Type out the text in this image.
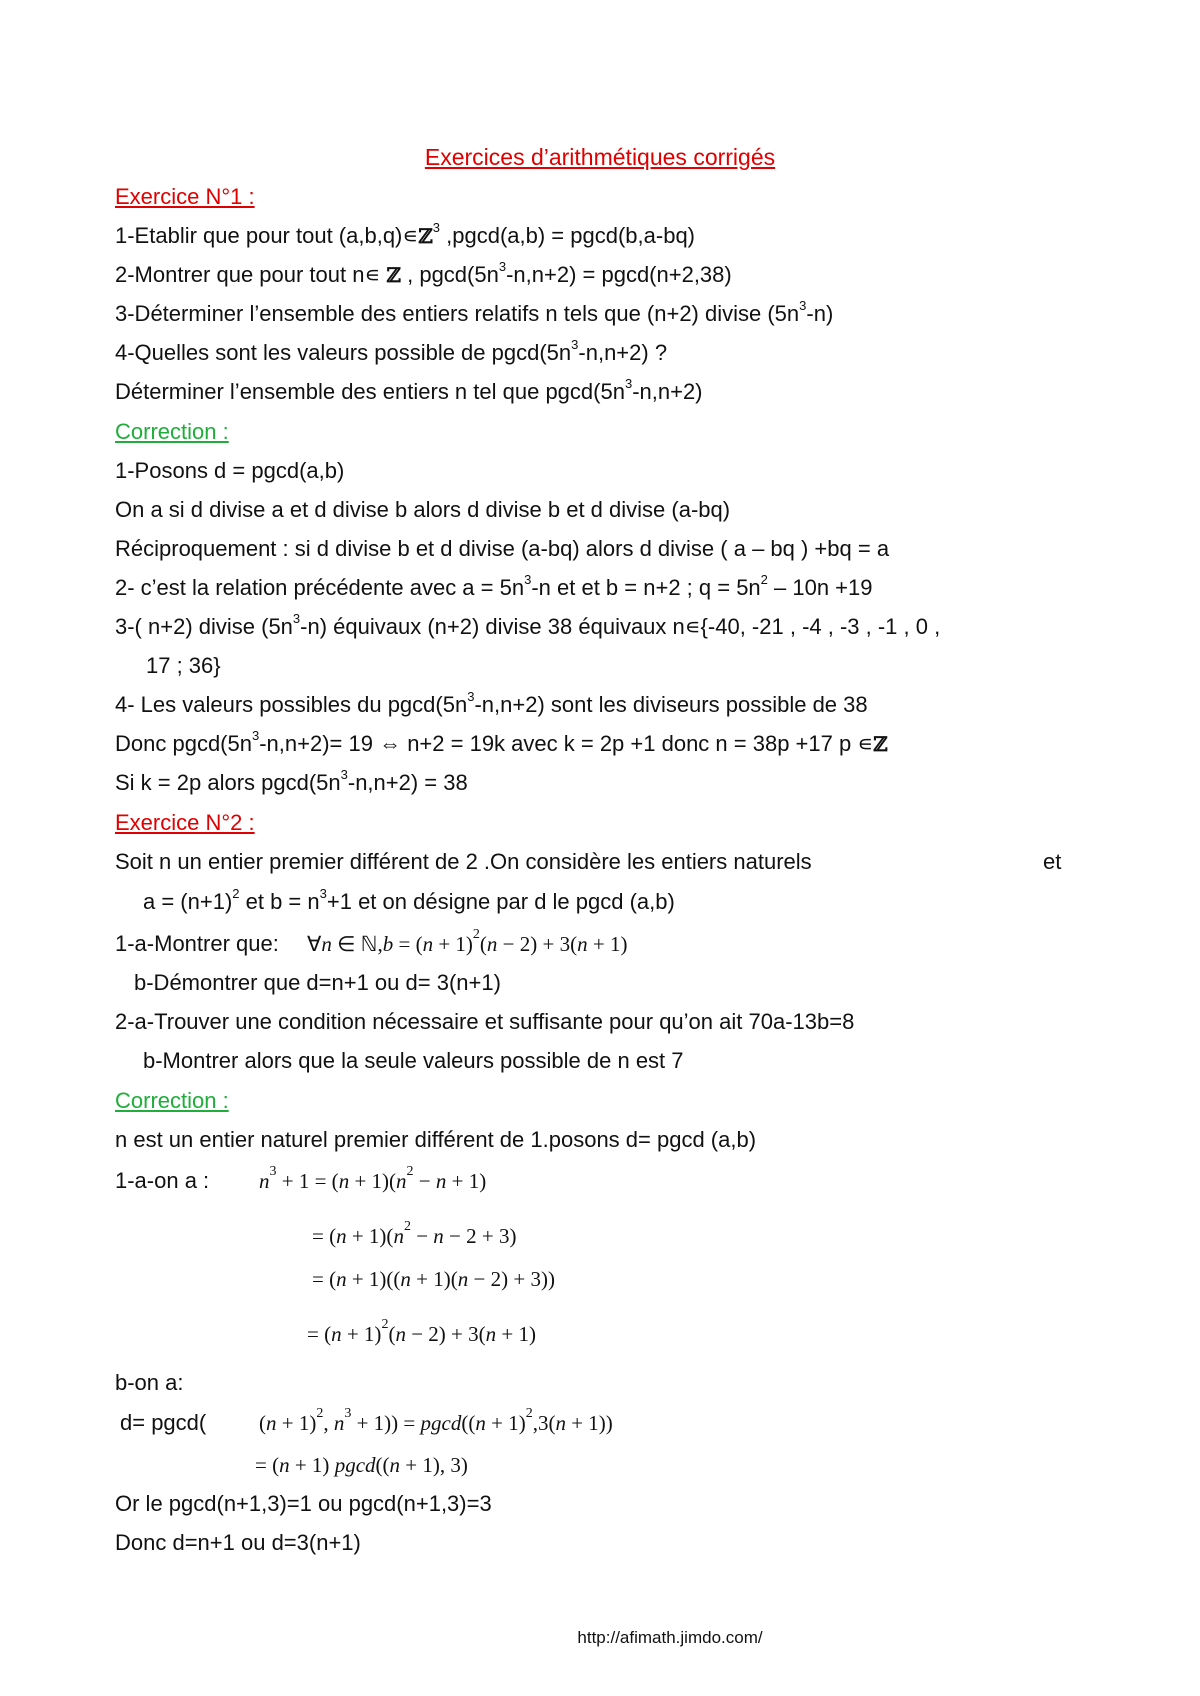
Exercices d’arithmétiques corrigés
Exercice N°1 :
1-Etablir que pour tout (a,b,q)∊ℤ$^3$ ,pgcd(a,b) = pgcd(b,a-bq)
2-Montrer que pour tout n∊ ℤ , $pgcd(5n^3-n,n+2) = pgcd(n+2,38)$
3-Déterminer l’ensemble des entiers relatifs n tels que (n+2) divise $(5n^3-n)$
4-Quelles sont les valeurs possible de $pgcd(5n^3-n,n+2)$ ?
Déterminer l’ensemble des entiers n tel que $pgcd(5n^3-n,n+2)$
Correction :
1-Posons d = pgcd(a,b)
On a si d divise a et d divise b alors d divise b et d divise (a-bq)
Réciproquement : si d divise b et d divise (a-bq) alors d divise ( a – bq ) +bq = a
2- c’est la relation précédente avec $a = 5n^3-n$ et et b = n+2 ; $q = 5n^2 - 10n +19$
3-( n+2) divise $(5n^3-n)$ équivaux (n+2) divise 38 équivaux n∊{-40, -21 , -4 , -3 , -1 , 0 ,
17 ; 36}
4- Les valeurs possibles du $pgcd(5n^3-n,n+2)$ sont les diviseurs possible de 38
Donc $pgcd(5n^3-n,n+2)= 19$ ⇔ n+2 = 19k avec k = 2p +1 donc n = 38p +17 p ∊ℤ
Si k = 2p alors $pgcd(5n^3-n,n+2) = 38$
Exercice N°2 :
Soit n un entier premier différent de 2 .On considère les entiers naturels	et
$a = (n+1)^2$ et $b = n^3+1$ et on désigne par d le pgcd (a,b)
1-a-Montrer que: ∀n ∈ ℕ,b = $(n + 1)^2(n - 2) + 3(n + 1)$
b-Démontrer que d=n+1 ou d= 3(n+1)
2-a-Trouver une condition nécessaire et suffisante pour qu’on ait 70a-13b=8
b-Montrer alors que la seule valeurs possible de n est 7
Correction :
n est un entier naturel premier différent de 1.posons d= pgcd (a,b)
1-a-on a : $n^3 + 1 = (n + 1)(n^2 - n + 1)$
= $(n + 1)(n^2 - n - 2 + 3)$
= (n + 1)((n + 1)(n − 2) + 3))
= $(n + 1)^2(n - 2) + 3(n + 1)$
b-on a:
d= pgcd(	$(n + 1)^2$, $n^3 + 1)) = pgcd((n + 1)^2,3(n + 1))$
= (n + 1) pgcd((n + 1), 3)
Or le pgcd(n+1,3)=1 ou pgcd(n+1,3)=3
Donc d=n+1 ou d=3(n+1)
http://afimath.jimdo.com/
